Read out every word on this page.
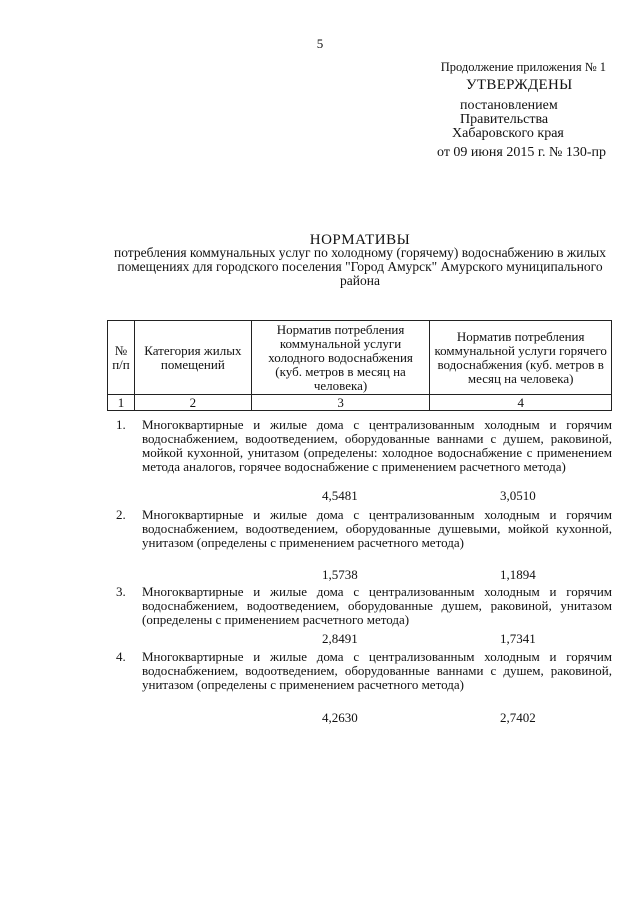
5
Продолжение приложения № 1
УТВЕРЖДЕНЫ
постановлением
Правительства
Хабаровского края
от 09 июня 2015 г. № 130-пр
НОРМАТИВЫ
потребления коммунальных услуг по холодному (горячему) водоснабжению в жилых помещениях для городского поселения "Город Амурск" Амурского муниципального района
№ п/п	Категория жилых помещений	Норматив потребления коммунальной услуги холодного водоснабжения (куб. метров в месяц на человека)	Норматив потребления коммунальной услуги горячего водоснабжения (куб. метров в месяц на человека)
1	2	3	4
1. Многоквартирные и жилые дома с централизованным холодным и горячим водоснабжением, водоотведением, оборудованные ваннами с душем, раковиной, мойкой кухонной, унитазом (определены: холодное водоснабжение с применением метода аналогов, горячее водоснабжение с применением расчетного метода)
4,5481	3,0510
2. Многоквартирные и жилые дома с централизованным холодным и горячим водоснабжением, водоотведением, оборудованные душевыми, мойкой кухонной, унитазом (определены с применением расчетного метода)
1,5738	1,1894
3. Многоквартирные и жилые дома с централизованным холодным и горячим водоснабжением, водоотведением, оборудованные душем, раковиной, унитазом (определены с применением расчетного метода)
2,8491	1,7341
4. Многоквартирные и жилые дома с централизованным холодным и горячим водоснабжением, водоотведением, оборудованные ваннами с душем, раковиной, унитазом (определены с применением расчетного метода)
4,2630	2,7402
